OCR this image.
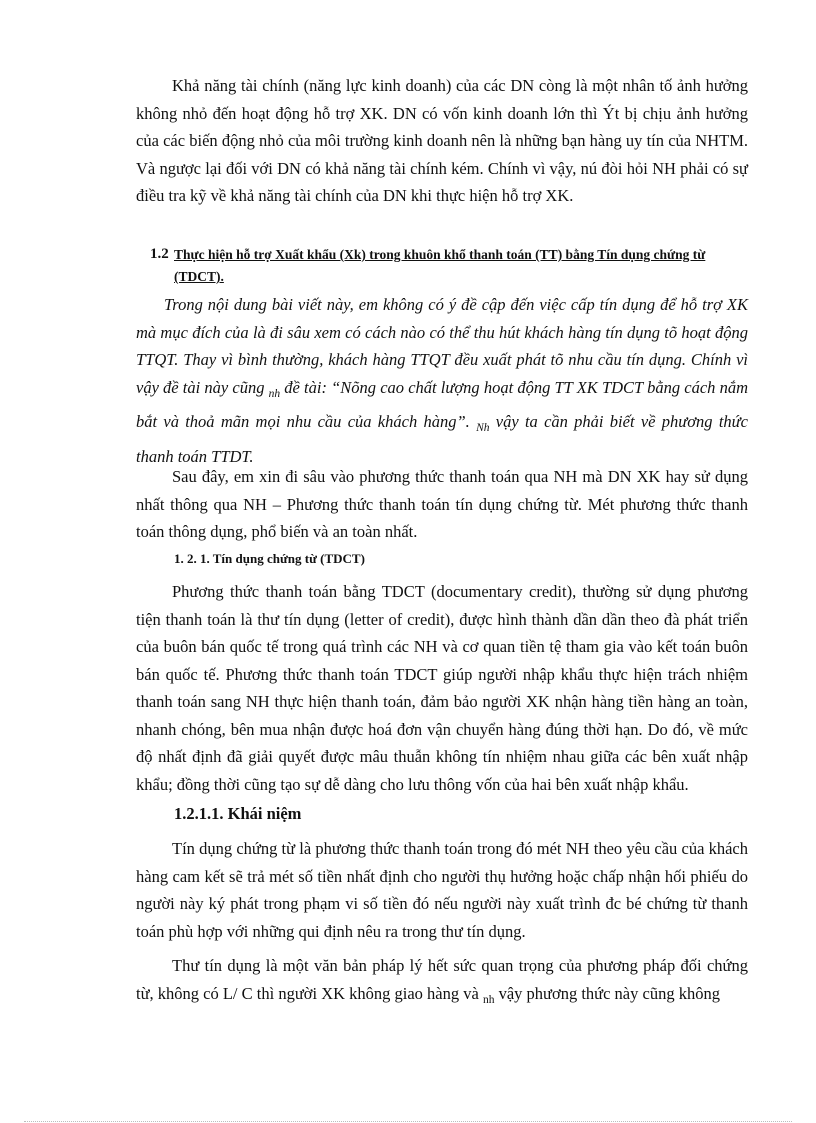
Khả năng tài chính (năng lực kinh doanh) của các DN còng là một nhân tố ảnh hưởng không nhỏ đến hoạt động hỗ trợ XK. DN có vốn kinh doanh lớn thì Ýt bị chịu ảnh hưởng của các biến động nhỏ của môi trường kinh doanh nên là những bạn hàng uy tín của NHTM. Và ngược lại đối với DN có khả năng tài chính kém. Chính vì vậy, nú đòi hỏi NH phải có sự điều tra kỹ về khả năng tài chính của DN khi thực hiện hỗ trợ XK.

1.2 Thực hiện hỗ trợ Xuất khẩu (Xk) trong khuôn khổ thanh toán (TT) bằng Tín dụng chứng từ (TDCT).

Trong nội dung bài viết này, em không có ý đề cập đến việc cấp tín dụng để hỗ trợ XK mà mục đích của là đi sâu xem có cách nào có thể thu hút khách hàng tín dụng tõ hoạt động TTQT. Thay vì bình thường, khách hàng TTQT đều xuất phát tõ nhu cầu tín dụng. Chính vì vậy đề tài này cũng $_{nh}$ đề tài: “Nõng cao chất lượng hoạt động TT XK TDCT bằng cách nắm bắt và thoả mãn mọi nhu cầu của khách hàng”. $_{Nh}$ vậy ta cần phải biết về phương thức thanh toán TTDT.

Sau đây, em xin đi sâu vào phương thức thanh toán qua NH mà DN XK hay sử dụng nhất thông qua NH – Phương thức thanh toán tín dụng chứng từ. Mét phương thức thanh toán thông dụng, phổ biến và an toàn nhất.

1. 2. 1. Tín dụng chứng từ (TDCT)

Phương thức thanh toán bằng TDCT (documentary credit), thường sử dụng phương tiện thanh toán là thư tín dụng (letter of credit), được hình thành dần dần theo đà phát triển của buôn bán quốc tế trong quá trình các NH và cơ quan tiền tệ tham gia vào kết toán buôn bán quốc tế. Phương thức thanh toán TDCT giúp người nhập khẩu thực hiện trách nhiệm thanh toán sang NH thực hiện thanh toán, đảm bảo người XK nhận hàng tiền hàng an toàn, nhanh chóng, bên mua nhận được hoá đơn vận chuyển hàng đúng thời hạn. Do đó, về mức độ nhất định đã giải quyết được mâu thuẫn không tín nhiệm nhau giữa các bên xuất nhập khẩu; đồng thời cũng tạo sự dễ dàng cho lưu thông vốn của hai bên xuất nhập khẩu.

1.2.1.1. Khái niệm

Tín dụng chứng từ là phương thức thanh toán trong đó mét NH theo yêu cầu của khách hàng cam kết sẽ trả mét số tiền nhất định cho người thụ hưởng hoặc chấp nhận hối phiếu do người này ký phát trong phạm vi số tiền đó nếu người này xuất trình đc bé chứng từ thanh toán phù hợp với những qui định nêu ra trong thư tín dụng.

Thư tín dụng là một văn bản pháp lý hết sức quan trọng của phương pháp đối chứng từ, không có L/ C thì người XK không giao hàng và $_{nh}$ vậy phương thức này cũng không
